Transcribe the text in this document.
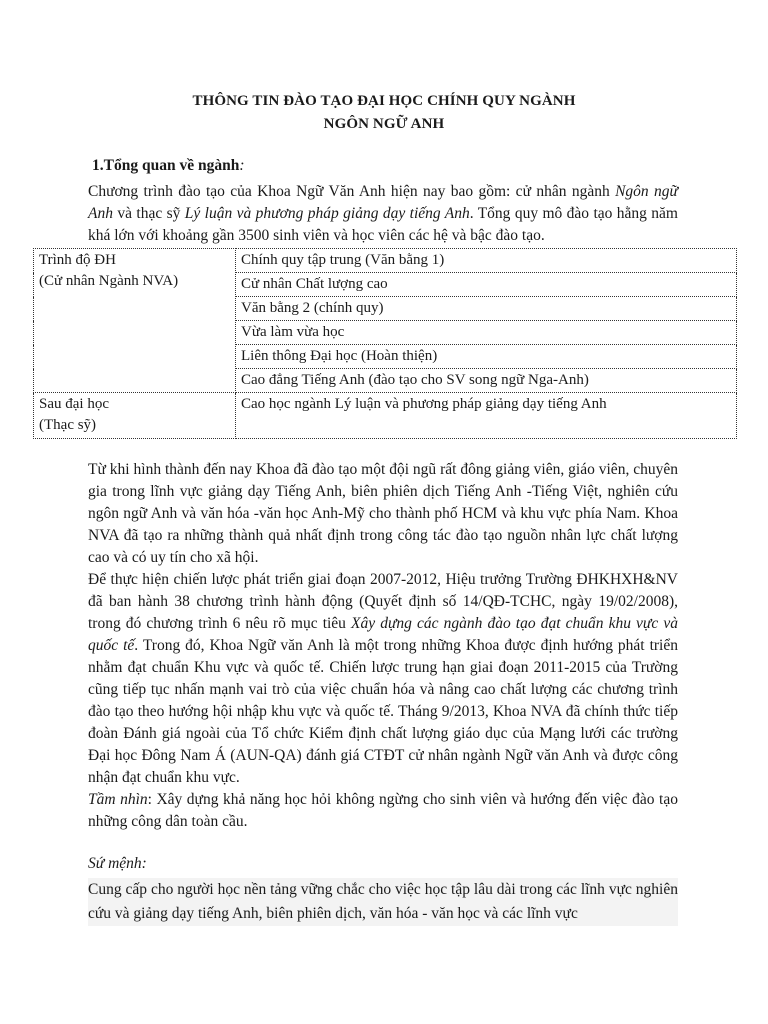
THÔNG TIN ĐÀO TẠO ĐẠI HỌC CHÍNH QUY NGÀNH
NGÔN NGỮ ANH
1.Tổng quan về ngành:

Chương trình đào tạo của Khoa Ngữ Văn Anh hiện nay bao gồm: cử nhân ngành Ngôn ngữ Anh và thạc sỹ Lý luận và phương pháp giảng dạy tiếng Anh. Tổng quy mô đào tạo hằng năm khá lớn với khoảng gần 3500 sinh viên và học viên các hệ và bậc đào tạo.

Trình độ ĐH
(Cử nhân Ngành NVA)	Chính quy tập trung (Văn bằng 1)
	Cử nhân Chất lượng cao
	Văn bằng 2 (chính quy)
	Vừa làm vừa học
	Liên thông Đại học (Hoàn thiện)
	Cao đẳng Tiếng Anh (đào tạo cho SV song ngữ Nga-Anh)

Sau đại học
(Thạc sỹ)	Cao học ngành Lý luận và phương pháp giảng dạy tiếng Anh

Từ khi hình thành đến nay Khoa đã đào tạo một đội ngũ rất đông giảng viên, giáo viên, chuyên gia trong lĩnh vực giảng dạy Tiếng Anh, biên phiên dịch Tiếng Anh -Tiếng Việt, nghiên cứu ngôn ngữ Anh và văn hóa -văn học Anh-Mỹ cho thành phố HCM và khu vực phía Nam. Khoa NVA đã tạo ra những thành quả nhất định trong công tác đào tạo nguồn nhân lực chất lượng cao và có uy tín cho xã hội.

Để thực hiện chiến lược phát triển giai đoạn 2007-2012, Hiệu trưởng Trường ĐHKHXH&NV đã ban hành 38 chương trình hành động (Quyết định số 14/QĐ-TCHC, ngày 19/02/2008), trong đó chương trình 6 nêu rõ mục tiêu Xây dựng các ngành đào tạo đạt chuẩn khu vực và quốc tế. Trong đó, Khoa Ngữ văn Anh là một trong những Khoa được định hướng phát triển nhằm đạt chuẩn Khu vực và quốc tế. Chiến lược trung hạn giai đoạn 2011-2015 của Trường cũng tiếp tục nhấn mạnh vai trò của việc chuẩn hóa và nâng cao chất lượng các chương trình đào tạo theo hướng hội nhập khu vực và quốc tế. Tháng 9/2013, Khoa NVA đã chính thức tiếp đoàn Đánh giá ngoài của Tổ chức Kiểm định chất lượng giáo dục của Mạng lưới các trường Đại học Đông Nam Á (AUN-QA) đánh giá CTĐT cử nhân ngành Ngữ văn Anh và được công nhận đạt chuẩn khu vực.
Tầm nhìn: Xây dựng khả năng học hỏi không ngừng cho sinh viên và hướng đến việc đào tạo những công dân toàn cầu.

Sứ mệnh:

Cung cấp cho người học nền tảng vững chắc cho việc học tập lâu dài trong các lĩnh vực nghiên cứu và giảng dạy tiếng Anh, biên phiên dịch, văn hóa - văn học và các lĩnh vực
